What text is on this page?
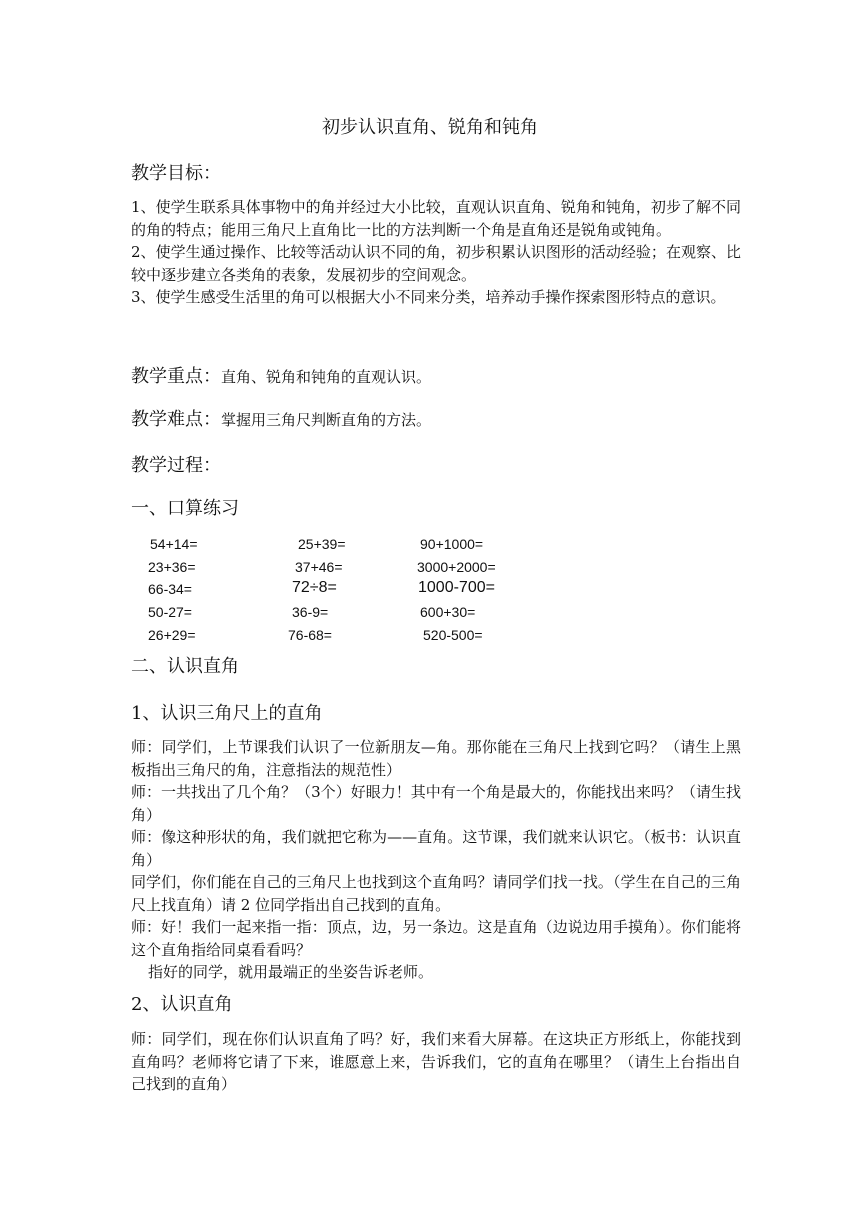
初步认识直角、锐角和钝角
教学目标：

1、使学生联系具体事物中的角并经过大小比较，直观认识直角、锐角和钝角，初步了解不同的角的特点；能用三角尺上直角比一比的方法判断一个角是直角还是锐角或钝角。

2、使学生通过操作、比较等活动认识不同的角，初步积累认识图形的活动经验；在观察、比较中逐步建立各类角的表象，发展初步的空间观念。

3、使学生感受生活里的角可以根据大小不同来分类，培养动手操作探索图形特点的意识。

教学重点：直角、锐角和钝角的直观认识。
教学难点：掌握用三角尺判断直角的方法。
教学过程：
一、口算练习
54+14=	25+39=	90+1000=
23+36=	37+46=	3000+2000=
66-34=	72÷8=	1000-700=
50-27=	36-9=	600+30=
26+29=	76-68=	520-500=
二、认识直角
1、认识三角尺上的直角

师：同学们，上节课我们认识了一位新朋友—角。那你能在三角尺上找到它吗？（请生上黑板指出三角尺的角，注意指法的规范性）

师：一共找出了几个角？（3个）好眼力！其中有一个角是最大的，你能找出来吗？（请生找角）

师：像这种形状的角，我们就把它称为——直角。这节课，我们就来认识它。（板书：认识直角）

同学们，你们能在自己的三角尺上也找到这个直角吗？请同学们找一找。（学生在自己的三角尺上找直角）请 2 位同学指出自己找到的直角。

师：好！我们一起来指一指：顶点，边，另一条边。这是直角（边说边用手摸角）。你们能将这个直角指给同桌看看吗？

指好的同学，就用最端正的坐姿告诉老师。

2、认识直角

师：同学们，现在你们认识直角了吗？好，我们来看大屏幕。在这块正方形纸上，你能找到直角吗？老师将它请了下来，谁愿意上来，告诉我们，它的直角在哪里？（请生上台指出自己找到的直角）
